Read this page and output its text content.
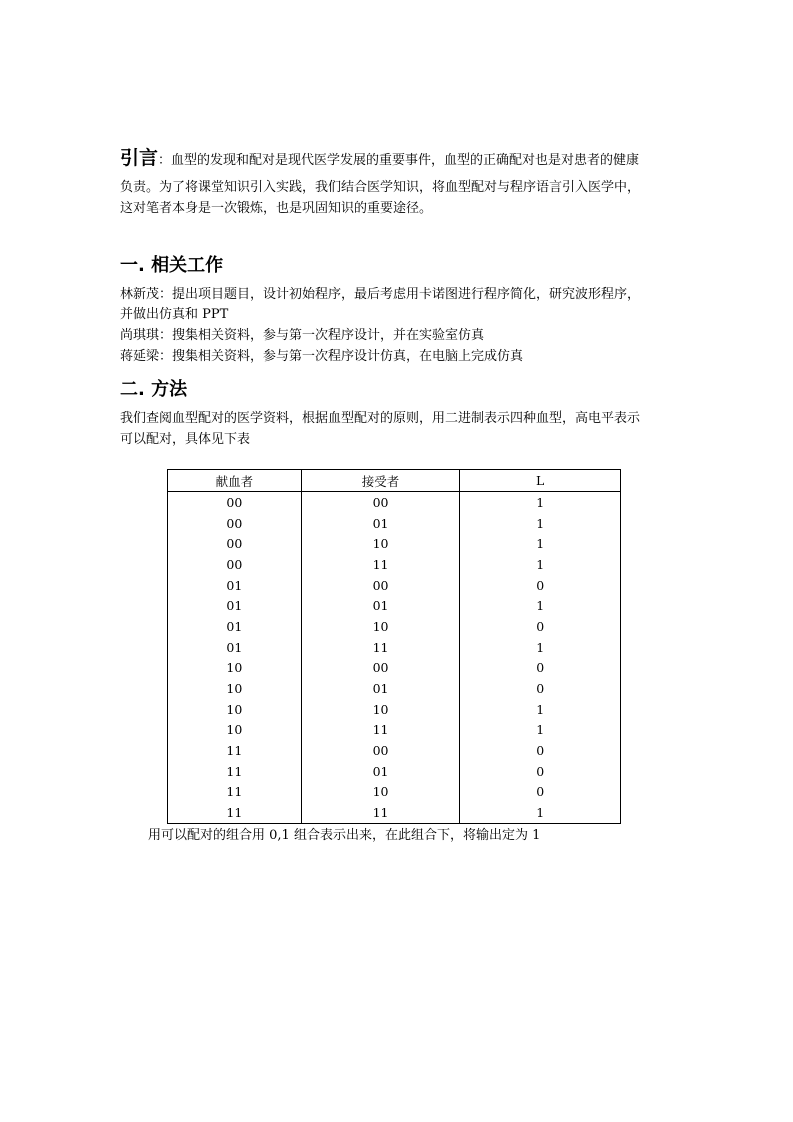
引言：血型的发现和配对是现代医学发展的重要事件，血型的正确配对也是对患者的健康

负责。为了将课堂知识引入实践，我们结合医学知识，将血型配对与程序语言引入医学中，

这对笔者本身是一次锻炼，也是巩固知识的重要途径。

一. 相关工作

林新茂：提出项目题目，设计初始程序，最后考虑用卡诺图进行程序简化，研究波形程序，

并做出仿真和 PPT

尚琪琪：搜集相关资料，参与第一次程序设计，并在实验室仿真

蒋延梁：搜集相关资料，参与第一次程序设计仿真，在电脑上完成仿真

二. 方法

我们查阅血型配对的医学资料，根据血型配对的原则，用二进制表示四种血型，高电平表示

可以配对，具体见下表

献血者	接受者	L
00	00	1
00	01	1
00	10	1
00	11	1
01	00	0
01	01	1
01	10	0
01	11	1
10	00	0
10	01	0
10	10	1
10	11	1
11	00	0
11	01	0
11	10	0
11	11	1

用可以配对的组合用 0,1 组合表示出来，在此组合下，将输出定为 1
